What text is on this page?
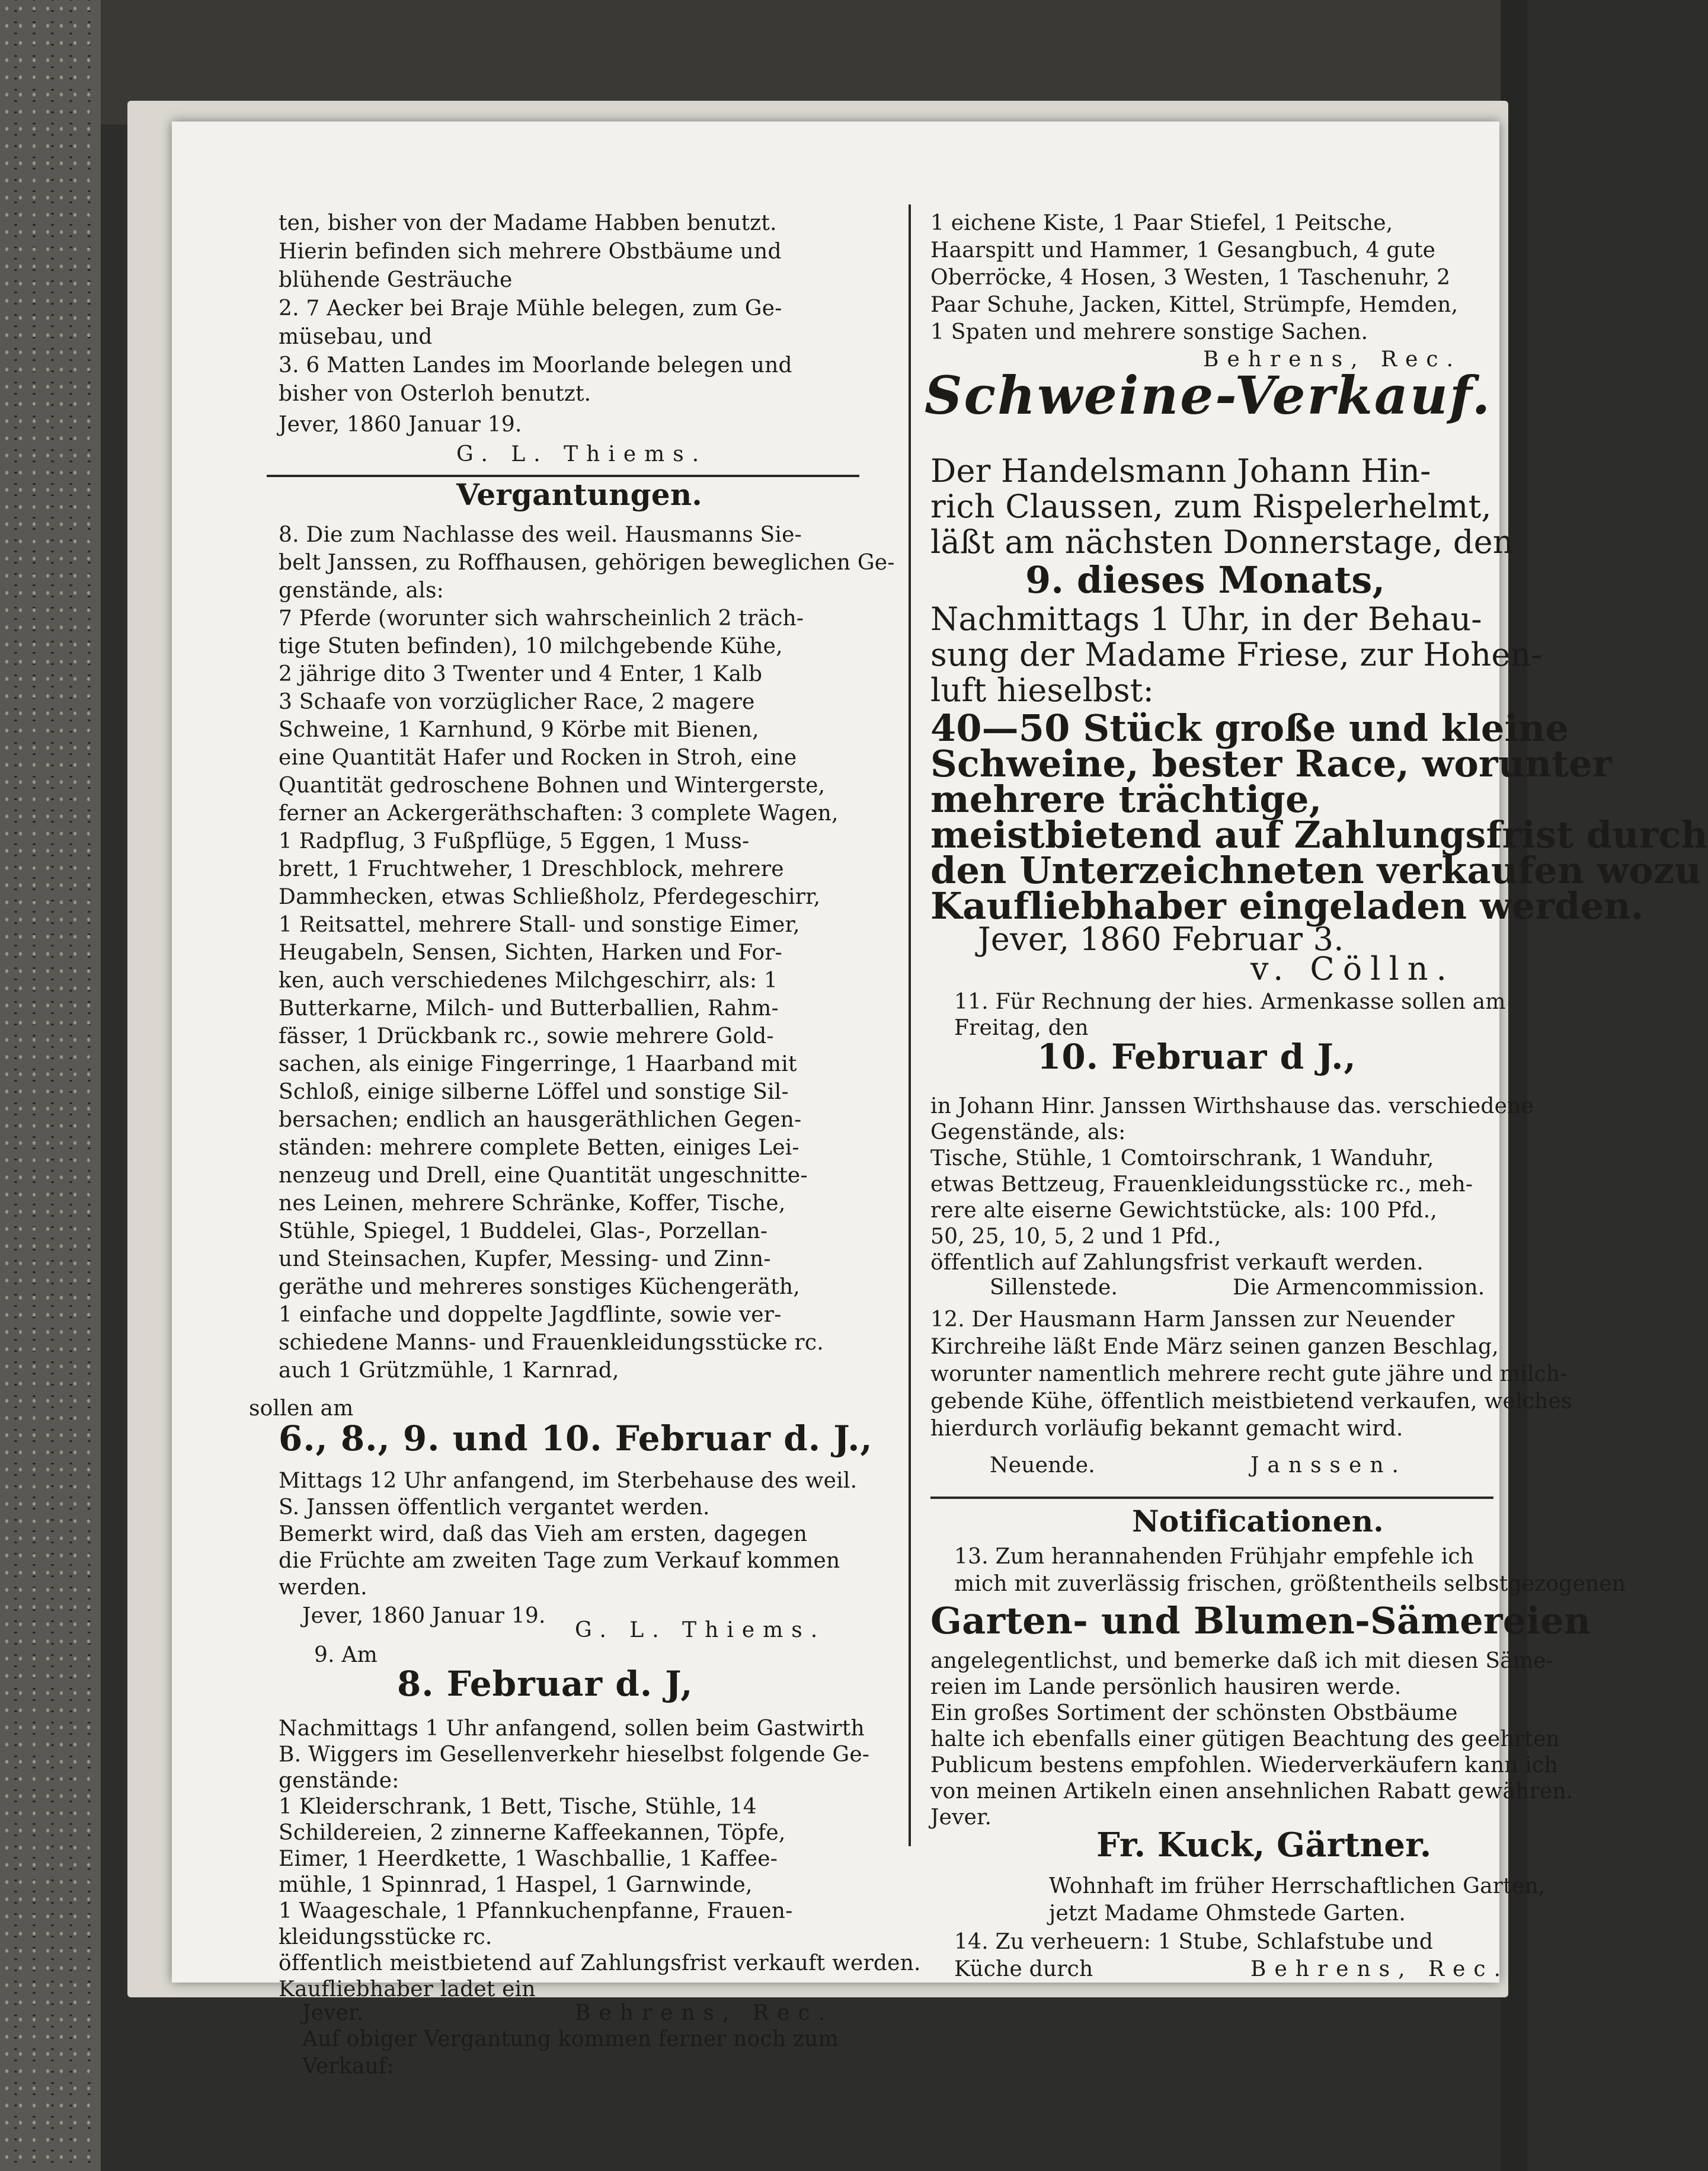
ten, bisher von der Madame Habben benutzt.

Hierin befinden sich mehrere Obstbäume und

blühende Gesträuche

2. 7 Aecker bei Braje Mühle belegen, zum Ge-

müsebau, und

3. 6 Matten Landes im Moorlande belegen und

bisher von Osterloh benutzt.

Jever, 1860 Januar 19.

G. L. Thiems.

Vergantungen.

8. Die zum Nachlasse des weil. Hausmanns Sie-

belt Janssen, zu Roffhausen, gehörigen beweglichen Ge-

genstände, als:

7 Pferde (worunter sich wahrscheinlich 2 träch-

tige Stuten befinden), 10 milchgebende Kühe,

2 jährige dito 3 Twenter und 4 Enter, 1 Kalb

3 Schaafe von vorzüglicher Race, 2 magere

Schweine, 1 Karnhund, 9 Körbe mit Bienen,

eine Quantität Hafer und Rocken in Stroh, eine

Quantität gedroschene Bohnen und Wintergerste,

ferner an Ackergeräthschaften: 3 complete Wagen,

1 Radpflug, 3 Fußpflüge, 5 Eggen, 1 Muss-

brett, 1 Fruchtweher, 1 Dreschblock, mehrere

Dammhecken, etwas Schließholz, Pferdegeschirr,

1 Reitsattel, mehrere Stall- und sonstige Eimer,

Heugabeln, Sensen, Sichten, Harken und For-

ken, auch verschiedenes Milchgeschirr, als: 1

Butterkarne, Milch- und Butterballien, Rahm-

fässer, 1 Drückbank rc., sowie mehrere Gold-

sachen, als einige Fingerringe, 1 Haarband mit

Schloß, einige silberne Löffel und sonstige Sil-

bersachen; endlich an hausgeräthlichen Gegen-

ständen: mehrere complete Betten, einiges Lei-

nenzeug und Drell, eine Quantität ungeschnitte-

nes Leinen, mehrere Schränke, Koffer, Tische,

Stühle, Spiegel, 1 Buddelei, Glas-, Porzellan-

und Steinsachen, Kupfer, Messing- und Zinn-

geräthe und mehreres sonstiges Küchengeräth,

1 einfache und doppelte Jagdflinte, sowie ver-

schiedene Manns- und Frauenkleidungsstücke rc.

auch 1 Grützmühle, 1 Karnrad,

sollen am

6., 8., 9. und 10. Februar d. J.,

Mittags 12 Uhr anfangend, im Sterbehause des weil.

S. Janssen öffentlich vergantet werden.

Bemerkt wird, daß das Vieh am ersten, dagegen

die Früchte am zweiten Tage zum Verkauf kommen

werden.

Jever, 1860 Januar 19.

G. L. Thiems.

9. Am

8. Februar d. J,

Nachmittags 1 Uhr anfangend, sollen beim Gastwirth

B. Wiggers im Gesellenverkehr hieselbst folgende Ge-

genstände:

1 Kleiderschrank, 1 Bett, Tische, Stühle, 14

Schildereien, 2 zinnerne Kaffeekannen, Töpfe,

Eimer, 1 Heerdkette, 1 Waschballie, 1 Kaffee-

mühle, 1 Spinnrad, 1 Haspel, 1 Garnwinde,

1 Waageschale, 1 Pfannkuchenpfanne, Frauen-

kleidungsstücke rc.

öffentlich meistbietend auf Zahlungsfrist verkauft werden.

Kaufliebhaber ladet ein

Jever.	Behrens, Rec.

Auf obiger Vergantung kommen ferner noch zum

Verkauf:

1 eichene Kiste, 1 Paar Stiefel, 1 Peitsche,

Haarspitt und Hammer, 1 Gesangbuch, 4 gute

Oberröcke, 4 Hosen, 3 Westen, 1 Taschenuhr, 2

Paar Schuhe, Jacken, Kittel, Strümpfe, Hemden,

1 Spaten und mehrere sonstige Sachen.

Behrens, Rec.

Schweine-Verkauf.

Der Handelsmann Johann Hin-

rich Claussen, zum Rispelerhelmt,

läßt am nächsten Donnerstage, den

9. dieses Monats,

Nachmittags 1 Uhr, in der Behau-

sung der Madame Friese, zur Hohen-

luft hieselbst:

40—50 Stück große und kleine

Schweine, bester Race, worunter

mehrere trächtige,

meistbietend auf Zahlungsfrist durch

den Unterzeichneten verkaufen wozu

Kaufliebhaber eingeladen werden.

Jever, 1860 Februar 3.

v. Cölln.

11. Für Rechnung der hies. Armenkasse sollen am

Freitag, den

10. Februar d J.,

in Johann Hinr. Janssen Wirthshause das. verschiedene

Gegenstände, als:

Tische, Stühle, 1 Comtoirschrank, 1 Wanduhr,

etwas Bettzeug, Frauenkleidungsstücke rc., meh-

rere alte eiserne Gewichtstücke, als: 100 Pfd.,

50, 25, 10, 5, 2 und 1 Pfd.,

öffentlich auf Zahlungsfrist verkauft werden.

Sillenstede.	Die Armencommission.

12. Der Hausmann Harm Janssen zur Neuender

Kirchreihe läßt Ende März seinen ganzen Beschlag,

worunter namentlich mehrere recht gute jähre und milch-

gebende Kühe, öffentlich meistbietend verkaufen, welches

hierdurch vorläufig bekannt gemacht wird.

Neuende.	Janssen.

Notificationen.

13. Zum herannahenden Frühjahr empfehle ich

mich mit zuverlässig frischen, größtentheils selbstgezogenen

Garten- und Blumen-Sämereien

angelegentlichst, und bemerke daß ich mit diesen Säme-

reien im Lande persönlich hausiren werde.

Ein großes Sortiment der schönsten Obstbäume

halte ich ebenfalls einer gütigen Beachtung des geehrten

Publicum bestens empfohlen. Wiederverkäufern kann ich

von meinen Artikeln einen ansehnlichen Rabatt gewähren.

Jever.

Fr. Kuck, Gärtner.

Wohnhaft im früher Herrschaftlichen Garten,

jetzt Madame Ohmstede Garten.

14. Zu verheuern: 1 Stube, Schlafstube und

Küche durch	Behrens, Rec.
